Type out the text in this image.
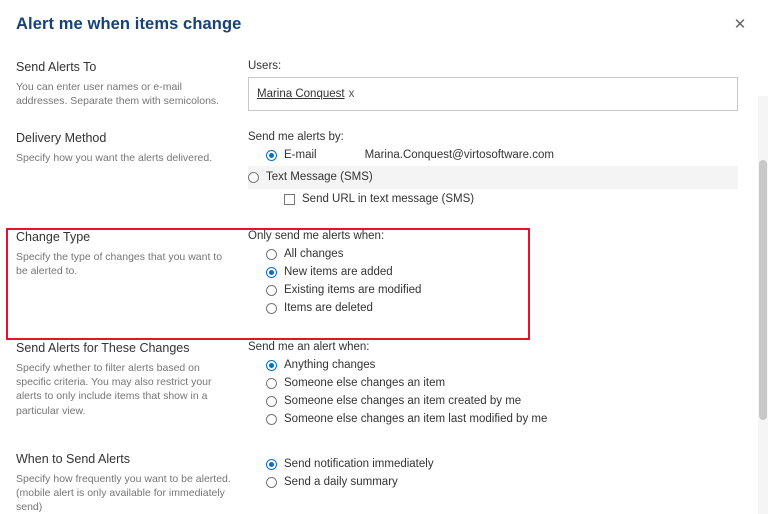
Alert me when items change	✕
Send Alerts To
You can enter user names or e-mail addresses. Separate them with semicolons.
Users:
Marina Conquest x
Delivery Method
Specify how you want the alerts delivered.
Send me alerts by:
E-mail	Marina.Conquest@virtosoftware.com
Text Message (SMS)
Send URL in text message (SMS)
Change Type
Specify the type of changes that you want to be alerted to.
Only send me alerts when:
All changes
New items are added
Existing items are modified
Items are deleted
Send Alerts for These Changes
Specify whether to filter alerts based on specific criteria. You may also restrict your alerts to only include items that show in a particular view.
Send me an alert when:
Anything changes
Someone else changes an item
Someone else changes an item created by me
Someone else changes an item last modified by me
When to Send Alerts
Specify how frequently you want to be alerted. (mobile alert is only available for immediately send)
Send notification immediately
Send a daily summary
